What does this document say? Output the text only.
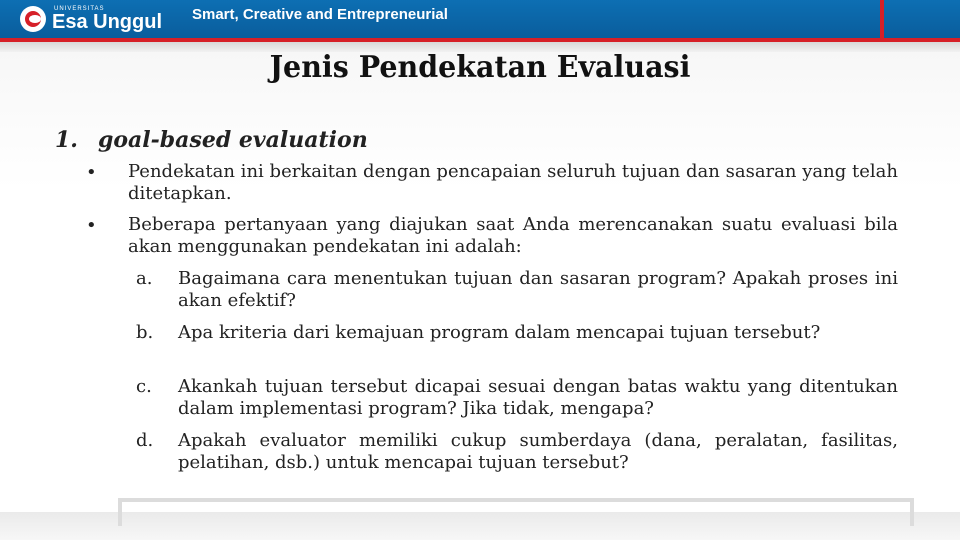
UNIVERSITAS
Esa Unggul Smart, Creative and Entrepreneurial
Jenis Pendekatan Evaluasi
1. goal-based evaluation
• Pendekatan ini berkaitan dengan pencapaian seluruh tujuan dan sasaran yang telah ditetapkan.
• Beberapa pertanyaan yang diajukan saat Anda merencanakan suatu evaluasi bila akan menggunakan pendekatan ini adalah:
a. Bagaimana cara menentukan tujuan dan sasaran program? Apakah proses ini akan efektif?
b. Apa kriteria dari kemajuan program dalam mencapai tujuan tersebut?
c. Akankah tujuan tersebut dicapai sesuai dengan batas waktu yang ditentukan dalam implementasi program? Jika tidak, mengapa?
d. Apakah evaluator memiliki cukup sumberdaya (dana, peralatan, fasilitas, pelatihan, dsb.) untuk mencapai tujuan tersebut?
